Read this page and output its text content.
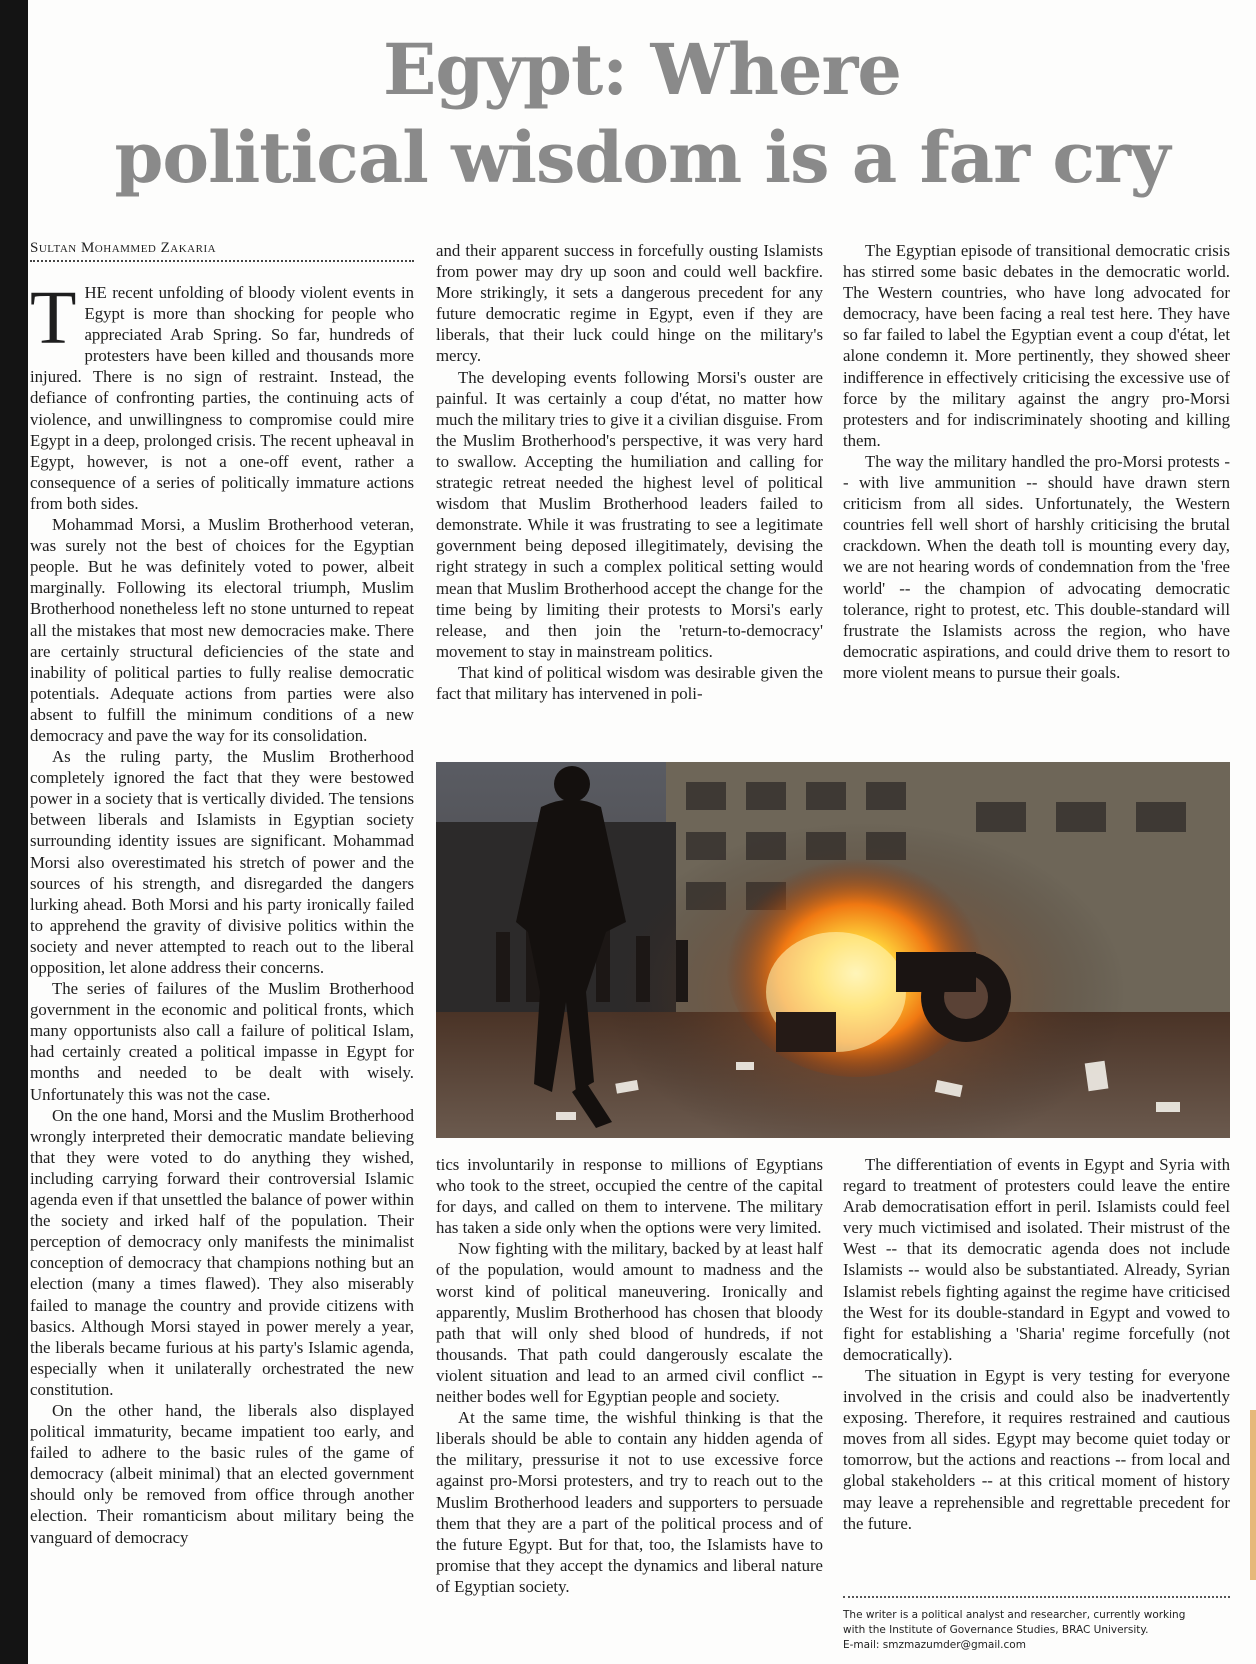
Egypt: Where
political wisdom is a far cry
Sultan Mohammed Zakaria

THE recent unfolding of bloody violent events in Egypt is more than shocking for people who appreciated Arab Spring. So far, hundreds of protesters have been killed and thousands more injured. There is no sign of restraint. Instead, the defiance of confronting parties, the continuing acts of violence, and unwillingness to compromise could mire Egypt in a deep, prolonged crisis. The recent upheaval in Egypt, however, is not a one-off event, rather a consequence of a series of politically immature actions from both sides.

Mohammad Morsi, a Muslim Brotherhood veteran, was surely not the best of choices for the Egyptian people. But he was definitely voted to power, albeit marginally. Following its electoral triumph, Muslim Brotherhood nonetheless left no stone unturned to repeat all the mistakes that most new democracies make. There are certainly structural deficiencies of the state and inability of political parties to fully realise democratic potentials. Adequate actions from parties were also absent to fulfill the minimum conditions of a new democracy and pave the way for its consolidation.

As the ruling party, the Muslim Brotherhood completely ignored the fact that they were bestowed power in a society that is vertically divided. The tensions between liberals and Islamists in Egyptian society surrounding identity issues are significant. Mohammad Morsi also overestimated his stretch of power and the sources of his strength, and disregarded the dangers lurking ahead. Both Morsi and his party ironically failed to apprehend the gravity of divisive politics within the society and never attempted to reach out to the liberal opposition, let alone address their concerns.

The series of failures of the Muslim Brotherhood government in the economic and political fronts, which many opportunists also call a failure of political Islam, had certainly created a political impasse in Egypt for months and needed to be dealt with wisely. Unfortunately this was not the case.

On the one hand, Morsi and the Muslim Brotherhood wrongly interpreted their democratic mandate believing that they were voted to do anything they wished, including carrying forward their controversial Islamic agenda even if that unsettled the balance of power within the society and irked half of the population. Their perception of democracy only manifests the minimalist conception of democracy that champions nothing but an election (many a times flawed). They also miserably failed to manage the country and provide citizens with basics. Although Morsi stayed in power merely a year, the liberals became furious at his party's Islamic agenda, especially when it unilaterally orchestrated the new constitution.

On the other hand, the liberals also displayed political immaturity, became impatient too early, and failed to adhere to the basic rules of the game of democracy (albeit minimal) that an elected government should only be removed from office through another election. Their romanticism about military being the vanguard of democracy

and their apparent success in forcefully ousting Islamists from power may dry up soon and could well backfire. More strikingly, it sets a dangerous precedent for any future democratic regime in Egypt, even if they are liberals, that their luck could hinge on the military's mercy.

The developing events following Morsi's ouster are painful. It was certainly a coup d'état, no matter how much the military tries to give it a civilian disguise. From the Muslim Brotherhood's perspective, it was very hard to swallow. Accepting the humiliation and calling for strategic retreat needed the highest level of political wisdom that Muslim Brotherhood leaders failed to demonstrate. While it was frustrating to see a legitimate government being deposed illegitimately, devising the right strategy in such a complex political setting would mean that Muslim Brotherhood accept the change for the time being by limiting their protests to Morsi's early release, and then join the 'return-to-democracy' movement to stay in mainstream politics.

That kind of political wisdom was desirable given the fact that military has intervened in poli-

The Egyptian episode of transitional democratic crisis has stirred some basic debates in the democratic world. The Western countries, who have long advocated for democracy, have been facing a real test here. They have so far failed to label the Egyptian event a coup d'état, let alone condemn it. More pertinently, they showed sheer indifference in effectively criticising the excessive use of force by the military against the angry pro-Morsi protesters and for indiscriminately shooting and killing them.

The way the military handled the pro-Morsi protests -- with live ammunition -- should have drawn stern criticism from all sides. Unfortunately, the Western countries fell well short of harshly criticising the brutal crackdown. When the death toll is mounting every day, we are not hearing words of condemnation from the 'free world' -- the champion of advocating democratic tolerance, right to protest, etc. This double-standard will frustrate the Islamists across the region, who have democratic aspirations, and could drive them to resort to more violent means to pursue their goals.

tics involuntarily in response to millions of Egyptians who took to the street, occupied the centre of the capital for days, and called on them to intervene. The military has taken a side only when the options were very limited.

Now fighting with the military, backed by at least half of the population, would amount to madness and the worst kind of political maneuvering. Ironically and apparently, Muslim Brotherhood has chosen that bloody path that will only shed blood of hundreds, if not thousands. That path could dangerously escalate the violent situation and lead to an armed civil conflict -- neither bodes well for Egyptian people and society.

At the same time, the wishful thinking is that the liberals should be able to contain any hidden agenda of the military, pressurise it not to use excessive force against pro-Morsi protesters, and try to reach out to the Muslim Brotherhood leaders and supporters to persuade them that they are a part of the political process and of the future Egypt. But for that, too, the Islamists have to promise that they accept the dynamics and liberal nature of Egyptian society.

The differentiation of events in Egypt and Syria with regard to treatment of protesters could leave the entire Arab democratisation effort in peril. Islamists could feel very much victimised and isolated. Their mistrust of the West -- that its democratic agenda does not include Islamists -- would also be substantiated. Already, Syrian Islamist rebels fighting against the regime have criticised the West for its double-standard in Egypt and vowed to fight for establishing a 'Sharia' regime forcefully (not democratically).

The situation in Egypt is very testing for everyone involved in the crisis and could also be inadvertently exposing. Therefore, it requires restrained and cautious moves from all sides. Egypt may become quiet today or tomorrow, but the actions and reactions -- from local and global stakeholders -- at this critical moment of history may leave a reprehensible and regrettable precedent for the future.

The writer is a political analyst and researcher, currently working
with the Institute of Governance Studies, BRAC University.
E-mail: smzmazumder@gmail.com
